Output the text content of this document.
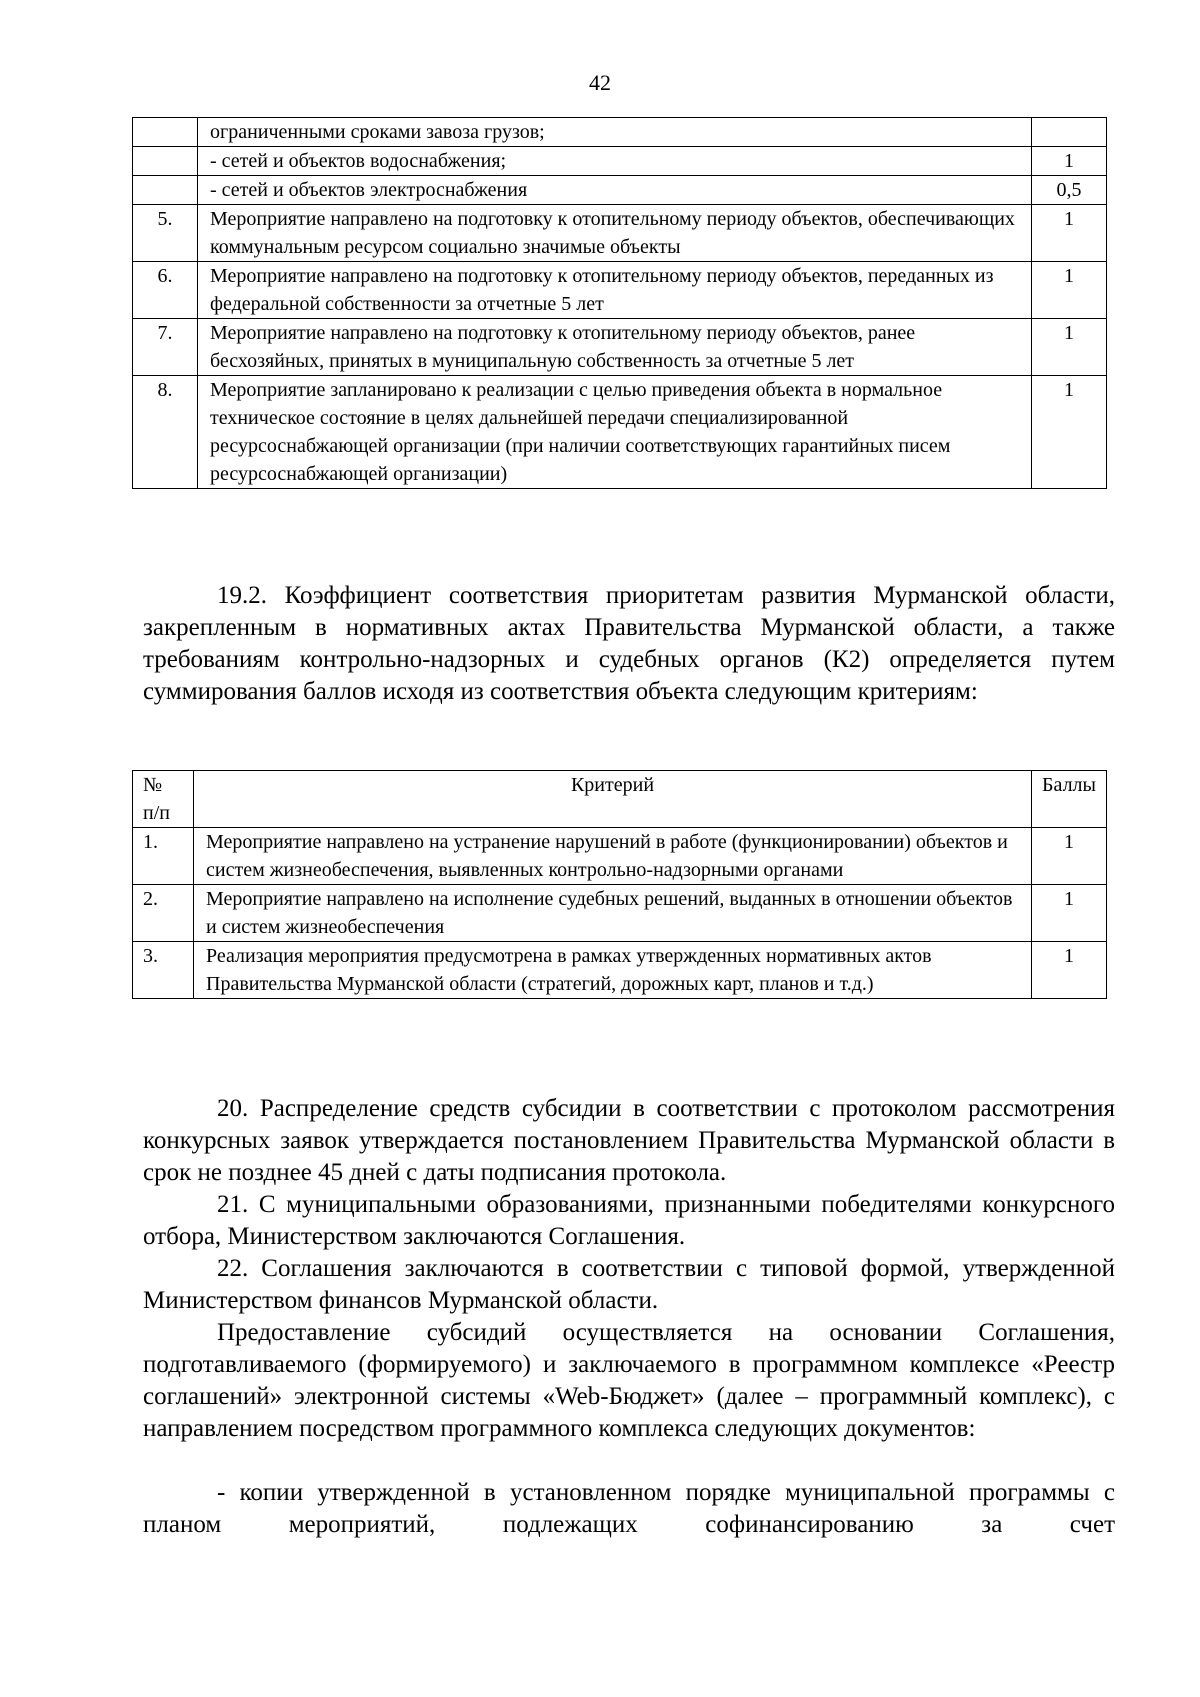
42
	ограниченными сроками завоза грузов;	
	- сетей и объектов водоснабжения;	1
	- сетей и объектов электроснабжения	0,5
5.	Мероприятие направлено на подготовку к отопительному периоду объектов, обеспечивающих коммунальным ресурсом социально значимые объекты	1
6.	Мероприятие направлено на подготовку к отопительному периоду объектов, переданных из федеральной собственности за отчетные 5 лет	1
7.	Мероприятие направлено на подготовку к отопительному периоду объектов, ранее бесхозяйных, принятых в муниципальную собственность за отчетные 5 лет	1
8.	Мероприятие запланировано к реализации с целью приведения объекта в нормальное техническое состояние в целях дальнейшей передачи специализированной ресурсоснабжающей организации (при наличии соответствующих гарантийных писем ресурсоснабжающей организации)	1

19.2. Коэффициент соответствия приоритетам развития Мурманской области, закрепленным в нормативных актах Правительства Мурманской области, а также требованиям контрольно-надзорных и судебных органов (К2) определяется путем суммирования баллов исходя из соответствия объекта следующим критериям:

№ п/п	Критерий	Баллы
1.	Мероприятие направлено на устранение нарушений в работе (функционировании) объектов и систем жизнеобеспечения, выявленных контрольно-надзорными органами	1
2.	Мероприятие направлено на исполнение судебных решений, выданных в отношении объектов и систем жизнеобеспечения	1
3.	Реализация мероприятия предусмотрена в рамках утвержденных нормативных актов Правительства Мурманской области (стратегий, дорожных карт, планов и т.д.)	1

20. Распределение средств субсидии в соответствии с протоколом рассмотрения конкурсных заявок утверждается постановлением Правительства Мурманской области в срок не позднее 45 дней с даты подписания протокола.

21. С муниципальными образованиями, признанными победителями конкурсного отбора, Министерством заключаются Соглашения.

22. Соглашения заключаются в соответствии с типовой формой, утвержденной Министерством финансов Мурманской области.

Предоставление субсидий осуществляется на основании Соглашения, подготавливаемого (формируемого) и заключаемого в программном комплексе «Реестр соглашений» электронной системы «Web-Бюджет» (далее – программный комплекс), с направлением посредством программного комплекса следующих документов:

- копии утвержденной в установленном порядке муниципальной программы с планом мероприятий, подлежащих софинансированию за счет
